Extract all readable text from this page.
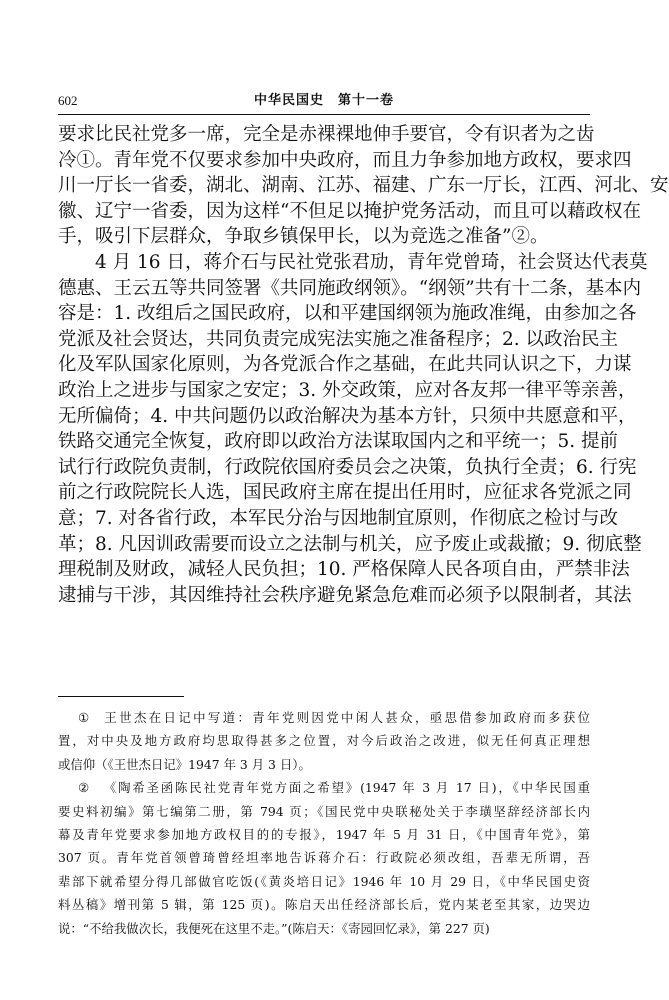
602	中华民国史　第十一卷
要求比民社党多一席，完全是赤裸裸地伸手要官，令有识者为之齿
冷①。青年党不仅要求参加中央政府，而且力争参加地方政权，要求四
川一厅长一省委，湖北、湖南、江苏、福建、广东一厅长，江西、河北、安
徽、辽宁一省委，因为这样“不但足以掩护党务活动，而且可以藉政权在
手，吸引下层群众，争取乡镇保甲长，以为竞选之准备”②。
4 月 16 日，蒋介石与民社党张君劢，青年党曾琦，社会贤达代表莫
德惠、王云五等共同签署《共同施政纲领》。“纲领”共有十二条，基本内
容是：1. 改组后之国民政府，以和平建国纲领为施政准绳，由参加之各
党派及社会贤达，共同负责完成宪法实施之准备程序；2. 以政治民主
化及军队国家化原则，为各党派合作之基础，在此共同认识之下，力谋
政治上之进步与国家之安定；3. 外交政策，应对各友邦一律平等亲善，
无所偏倚；4. 中共问题仍以政治解决为基本方针，只须中共愿意和平，
铁路交通完全恢复，政府即以政治方法谋取国内之和平统一；5. 提前
试行行政院负责制，行政院依国府委员会之决策，负执行全责；6. 行宪
前之行政院院长人选，国民政府主席在提出任用时，应征求各党派之同
意；7. 对各省行政，本军民分治与因地制宜原则，作彻底之检讨与改
革；8. 凡因训政需要而设立之法制与机关，应予废止或裁撤；9. 彻底整
理税制及财政，减轻人民负担；10. 严格保障人民各项自由，严禁非法
逮捕与干涉，其因维持社会秩序避免紧急危难而必须予以限制者，其法
① 王世杰在日记中写道：青年党则因党中闲人甚众，亟思借参加政府而多获位
置，对中央及地方政府均思取得甚多之位置，对今后政治之改进，似无任何真正理想
或信仰（《王世杰日记》1947 年 3 月 3 日）。
② 《陶希圣函陈民社党青年党方面之希望》(1947 年 3 月 17 日)，《中华民国重
要史料初编》第七编第二册，第 794 页；《国民党中央联秘处关于李璜坚辞经济部长内
幕及青年党要求参加地方政权目的的专报》，1947 年 5 月 31 日，《中国青年党》，第
307 页。青年党首领曾琦曾经坦率地告诉蒋介石：行政院必须改组，吾辈无所谓，吾
辈部下就希望分得几部做官吃饭(《黄炎培日记》1946 年 10 月 29 日，《中华民国史资
料丛稿》增刊第 5 辑，第 125 页)。陈启天出任经济部长后，党内某老至其家，边哭边
说：“不给我做次长，我便死在这里不走。”(陈启天：《寄园回忆录》，第 227 页)
